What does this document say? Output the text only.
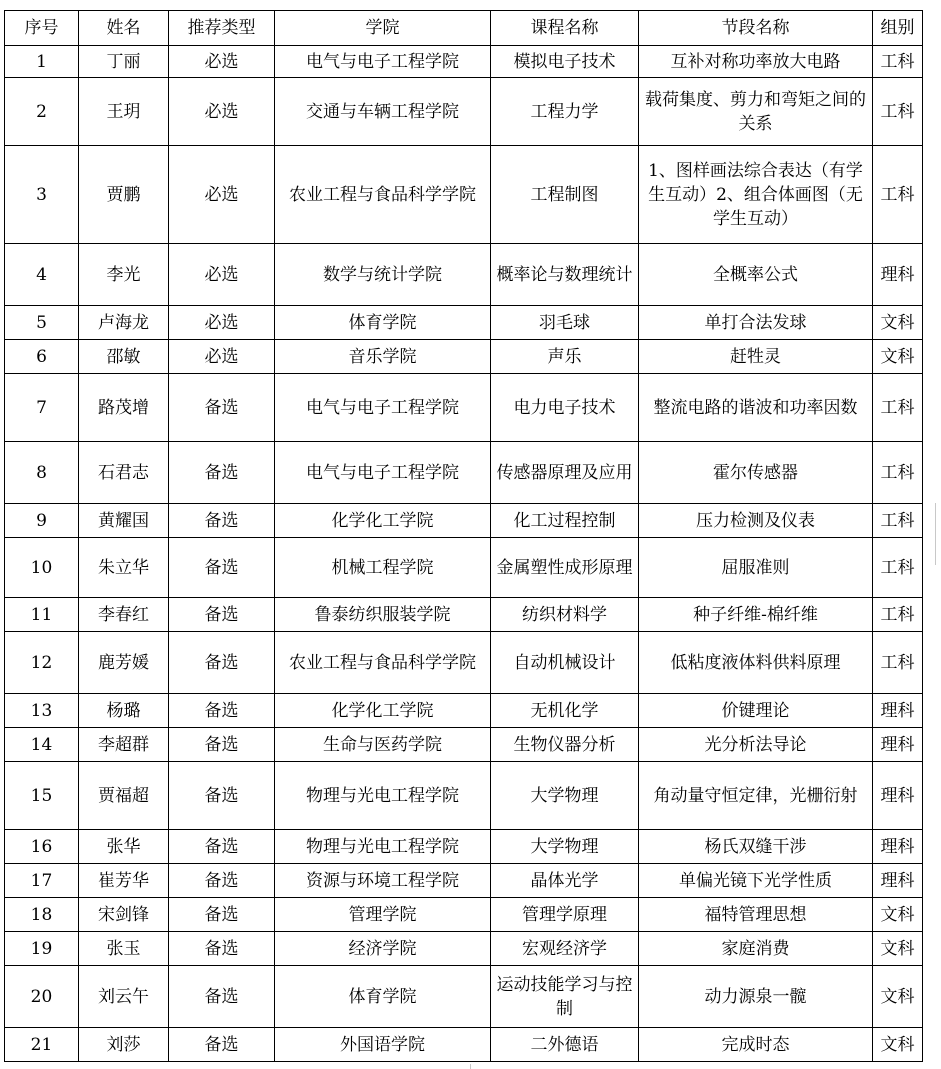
序号	姓名	推荐类型	学院	课程名称	节段名称	组别
1	丁丽	必选	电气与电子工程学院	模拟电子技术	互补对称功率放大电路	工科
2	王玥	必选	交通与车辆工程学院	工程力学	载荷集度、剪力和弯矩之间的关系	工科
3	贾鹏	必选	农业工程与食品科学学院	工程制图	1、图样画法综合表达（有学生互动）2、组合体画图（无学生互动）	工科
4	李光	必选	数学与统计学院	概率论与数理统计	全概率公式	理科
5	卢海龙	必选	体育学院	羽毛球	单打合法发球	文科
6	邵敏	必选	音乐学院	声乐	赶牲灵	文科
7	路茂增	备选	电气与电子工程学院	电力电子技术	整流电路的谐波和功率因数	工科
8	石君志	备选	电气与电子工程学院	传感器原理及应用	霍尔传感器	工科
9	黄耀国	备选	化学化工学院	化工过程控制	压力检测及仪表	工科
10	朱立华	备选	机械工程学院	金属塑性成形原理	屈服准则	工科
11	李春红	备选	鲁泰纺织服装学院	纺织材料学	种子纤维-棉纤维	工科
12	鹿芳媛	备选	农业工程与食品科学学院	自动机械设计	低粘度液体料供料原理	工科
13	杨璐	备选	化学化工学院	无机化学	价键理论	理科
14	李超群	备选	生命与医药学院	生物仪器分析	光分析法导论	理科
15	贾福超	备选	物理与光电工程学院	大学物理	角动量守恒定律，光栅衍射	理科
16	张华	备选	物理与光电工程学院	大学物理	杨氏双缝干涉	理科
17	崔芳华	备选	资源与环境工程学院	晶体光学	单偏光镜下光学性质	理科
18	宋剑锋	备选	管理学院	管理学原理	福特管理思想	文科
19	张玉	备选	经济学院	宏观经济学	家庭消费	文科
20	刘云午	备选	体育学院	运动技能学习与控制	动力源泉一髋	文科
21	刘莎	备选	外国语学院	二外德语	完成时态	文科
